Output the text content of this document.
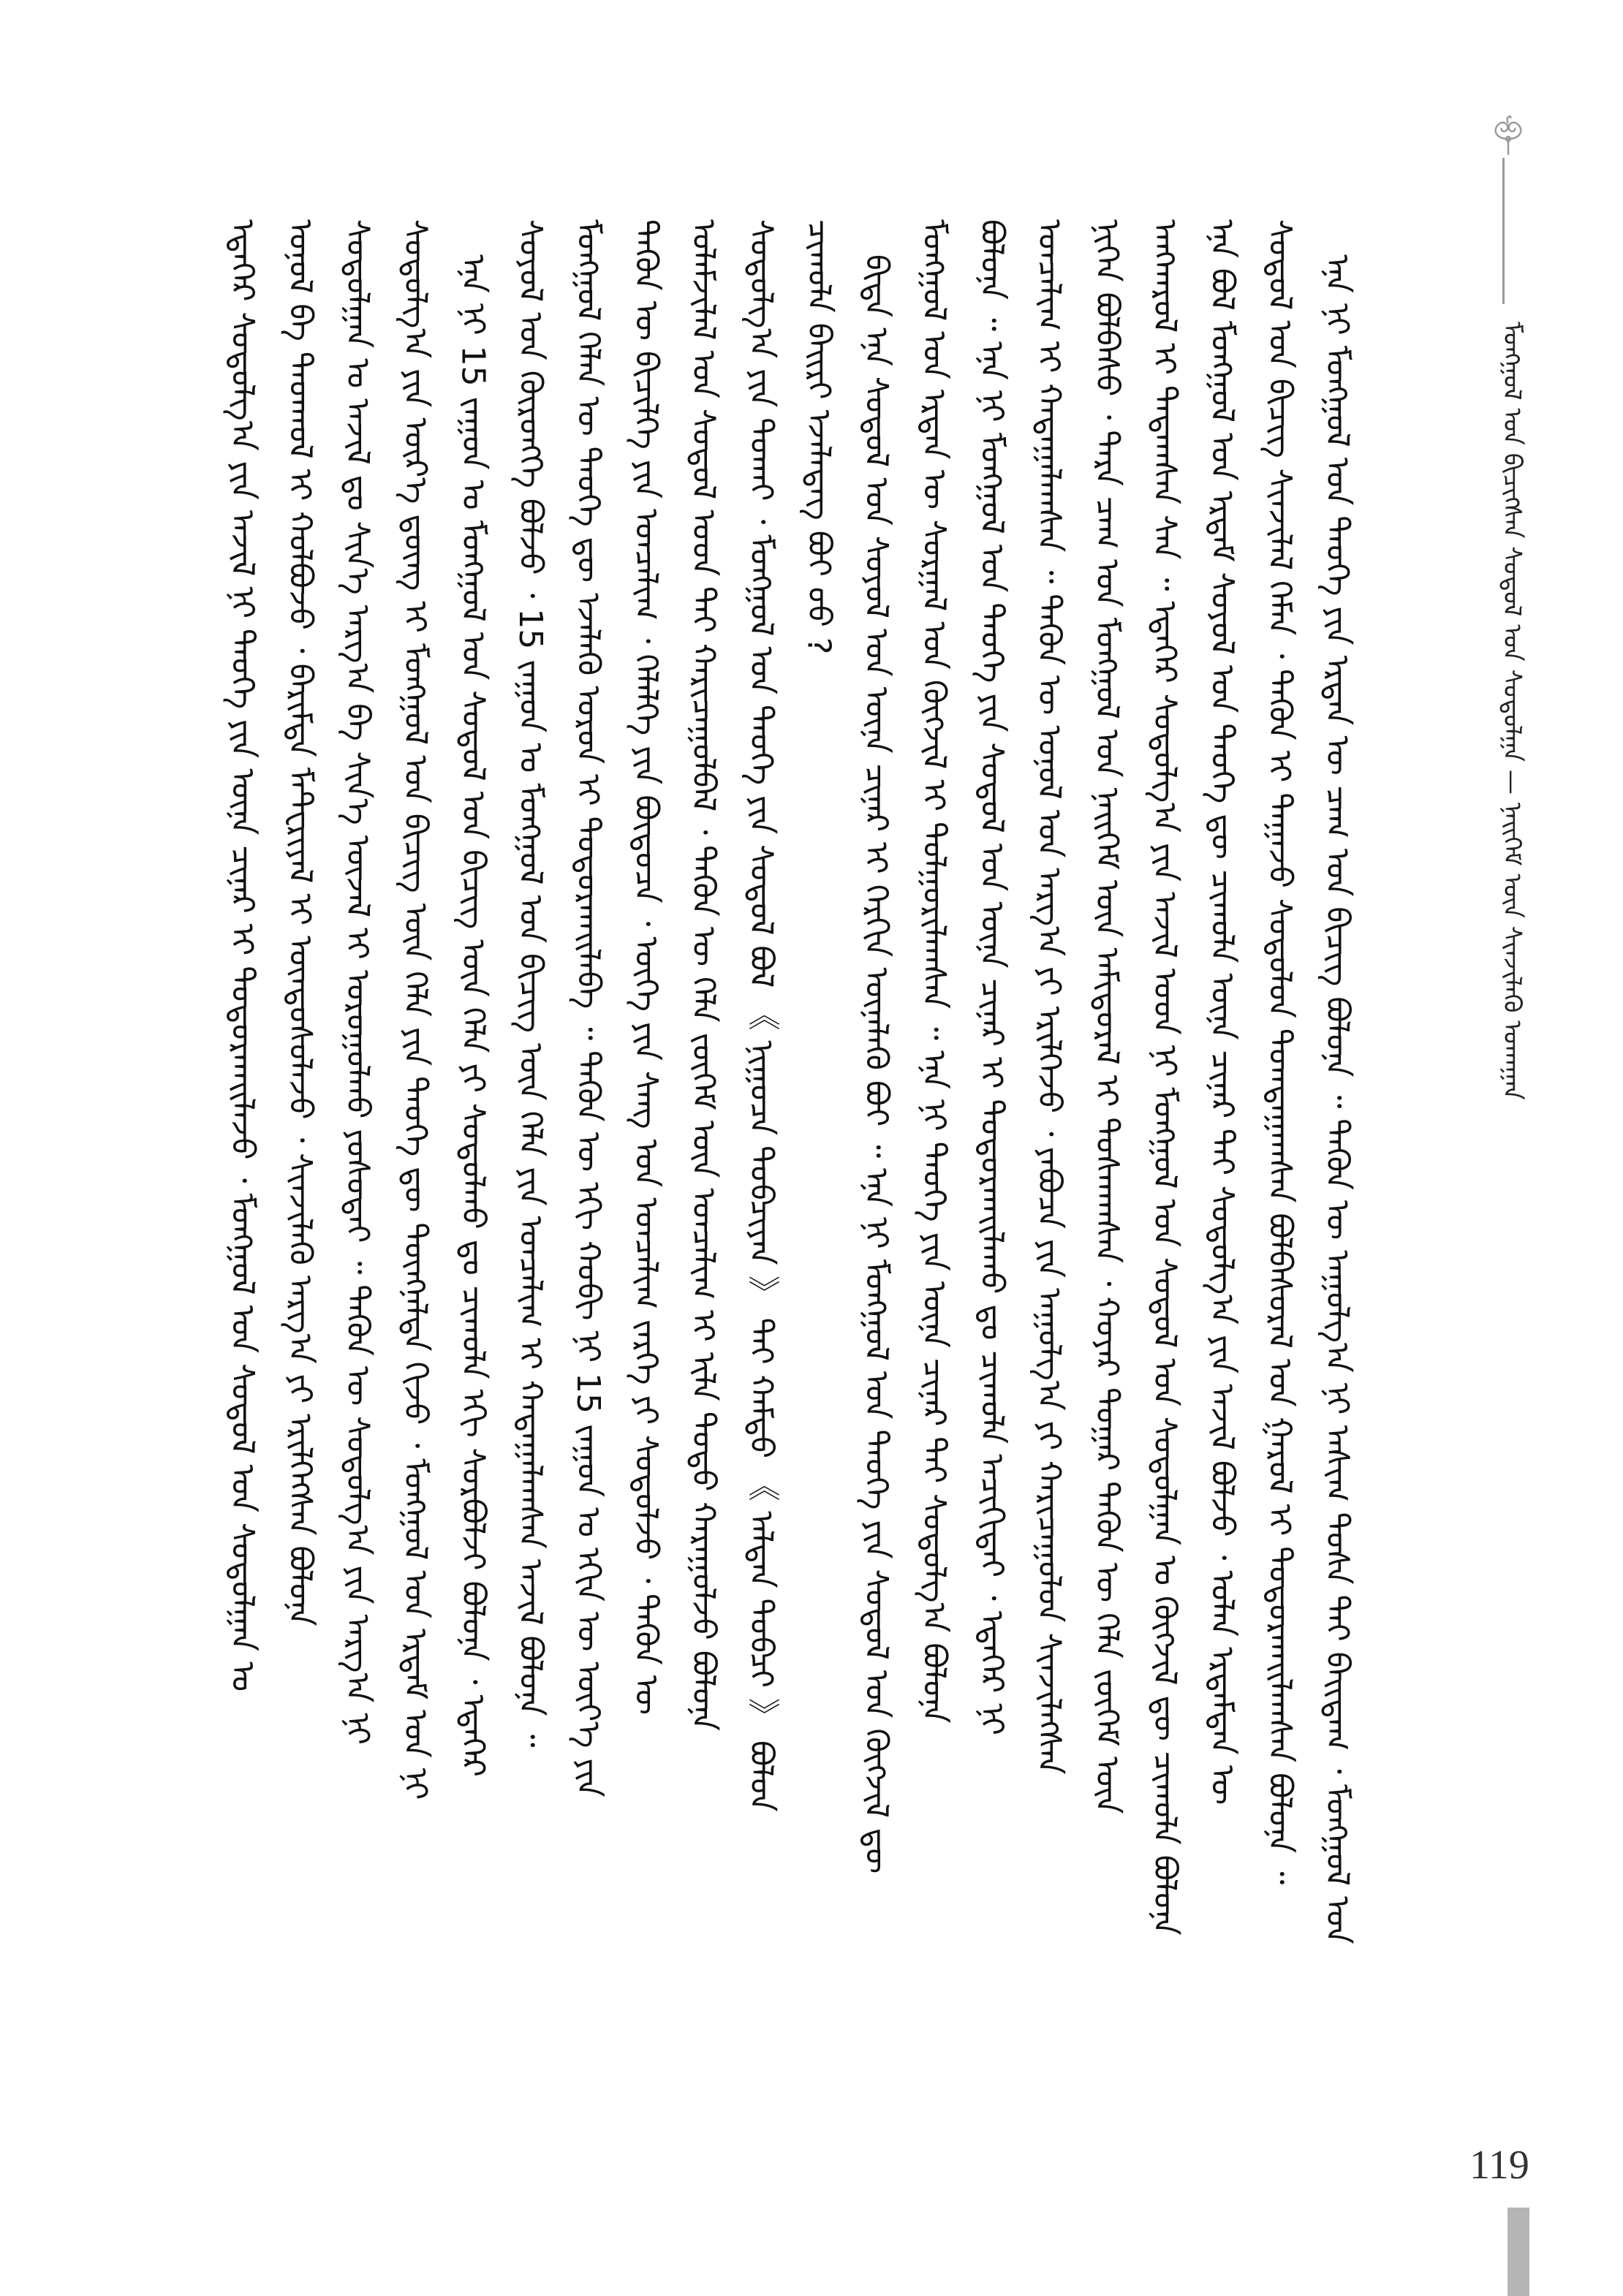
ᠮᠣᠩᠭᠣᠯ ᠤᠨ ᠪᠢᠴᠢᠭᠰᠡᠨ ᠰᠤᠳᠤᠯ ᠤᠨ ᠰᠤᠳᠤᠯᠭᠠ — ᠨᠡᠢᠭᠡᠮ ᠦᠨ ᠰᠢᠨᠵᠢᠯᠡᠬᠦ ᠤᠬᠠᠭᠠᠨ
ᠡᠨᠡ ᠨᠢ ᠮᠣᠩᠭᠣᠯ ᠤᠨ ᠲᠡᠦᠬᠡ ᠶᠢᠨ ᠡᠷᠲᠡᠨ ᠦ ᠴᠠᠭ ᠤᠨ ᠪᠢᠴᠢᠭ᠌ ᠪᠣᠯᠤᠨᠠ ᠃ ᠲᠡᠭᠦᠨ ᠦ ᠠᠭᠤᠯᠭ᠎ᠠ ᠨᠢ ᠠᠰᠢᠭ ᠲᠤᠰᠠ ᠲᠠᠢ ᠪᠠᠢᠳᠠᠭ ᠂ ᠮᠣᠩᠭᠣᠯ ᠤᠨ
ᠰᠤᠳᠤᠯ ᠤᠨ ᠪᠢᠴᠢᠭ ᠰᠢᠨᠵᠢᠯᠡᠯ ᠬᠡᠮᠡᠨ ᠂ ᠲᠡᠭᠦᠨ ᠢ ᠳᠠᠭᠠᠵᠤ ᠰᠤᠳᠤᠯᠤᠨ ᠲᠣᠭᠲᠠᠭᠠᠭᠰᠠᠨ ᠪᠣᠯᠪᠠᠰᠤᠷᠠᠯ ᠤᠨ ᠭᠠᠷᠤᠯ ᠢ ᠲᠣᠳᠣᠷᠬᠠᠢᠯᠠᠭᠰᠠᠨ ᠪᠣᠯᠤᠨᠠ ᠃
ᠡᠨᠡ ᠪᠣᠯ ᠮᠣᠩᠭᠣᠯ ᠤᠨ ᠡᠷᠳᠡᠮ ᠰᠣᠶᠣᠯ ᠤᠨ ᠲᠡᠦᠬᠡ ᠳᠦ ᠴᠢᠬᠤᠯᠠ ᠦᠨᠡ ᠴᠢᠨᠠᠷ ᠲᠠᠢ ᠰᠤᠳᠤᠯᠭ᠎ᠠ ᠶᠢᠨ ᠠᠵᠢᠯ ᠪᠣᠯᠵᠤ ᠂ ᠣᠯᠠᠨ ᠡᠷᠳᠡᠮᠲᠡᠨ ᠦ
ᠠᠩᠬᠠᠷᠤᠯ ᠢ ᠲᠠᠲᠠᠭᠰᠠᠨ ᠰᠠᠨ ᠃ ᠡᠳᠡᠭᠡᠷ ᠰᠤᠳᠤᠯᠭ᠎ᠠ ᠶᠢᠨ ᠠᠵᠢᠯ ᠤᠳ ᠨᠢ ᠮᠣᠩᠭᠣᠯ ᠤᠨ ᠰᠤᠳᠤᠯ ᠤᠨ ᠰᠤᠳᠤᠯᠭᠠᠨ ᠤ ᠬᠥᠭᠵᠢᠯ ᠳᠦ ᠴᠢᠬᠤᠯᠠ ᠪᠣᠯᠤᠨᠠ
ᠨᠢᠭᠡᠨ ᠪᠣᠯᠪᠠᠰᠤ ᠂ ᠲᠡᠷᠡ ᠴᠠᠭ ᠤᠨ ᠮᠣᠩᠭᠣᠯ ᠤᠨ ᠨᠡᠢᠭᠡᠮ ᠦᠨ ᠠᠮᠢᠳᠤᠷᠠᠯ ᠢ ᠲᠤᠰᠬᠠᠭᠰᠠᠨ ᠂ ᠬᠣᠶᠠᠷ ᠲᠤᠭᠠᠷ ᠲᠡᠭᠦᠨ ᠦ ᠬᠡᠯᠡ ᠵᠥᠭᠡᠮ ᠦᠨ
ᠣᠨᠴᠠᠯᠢᠭ ᠢ ᠬᠠᠳᠠᠭᠠᠯᠠᠭᠰᠠᠨ ᠃ ᠲᠡᠭᠦᠨ ᠦ ᠣᠨᠣᠯ ᠤᠨ ᠠᠷᠭ᠎ᠠ ᠶᠢ ᠡᠷᠢᠯᠬᠡᠵᠦ ᠂ ᠶᠠᠪᠤᠴᠠ ᠶᠢᠨ ᠠᠭᠤᠯᠭ᠎ᠠ ᠶᠢ ᠬᠠᠷᠢᠴᠠᠭᠤᠯᠤᠨ ᠰᠢᠨᠵᠢᠯᠡᠭᠰᠡᠨ
ᠪᠣᠯᠤᠨᠠ ᠃ ᠡᠨᠡ ᠨᠢ ᠮᠣᠩᠭᠣᠯ ᠤᠨ ᠲᠡᠦᠬᠡ ᠶᠢᠨ ᠰᠤᠳᠤᠯ ᠤᠨ ᠦᠨᠡ ᠴᠢᠨᠠᠷ ᠢ ᠲᠣᠳᠣᠷᠬᠠᠢᠯᠠᠬᠤ ᠳᠤ ᠴᠢᠬᠤᠯᠠ ᠠᠴᠢᠬᠢᠳᠠᠢ ᠂ ᠡᠳᠡᠭᠡᠷ ᠨᠢ
ᠮᠣᠩᠭᠣᠯ ᠤᠨ ᠡᠷᠲᠡᠨ ᠦ ᠰᠤᠷᠭᠠᠯ ᠤᠨ ᠬᠥᠭᠵᠢᠯ ᠢ ᠲᠤᠯᠭᠤᠷᠢᠯᠠᠭᠰᠠᠨ ᠃ ᠡᠨᠡ ᠨᠢ ᠲᠡᠦᠬᠡ ᠶᠢᠨ ᠦᠨᠡ ᠴᠢᠨᠠᠷ ᠲᠠᠢ ᠰᠤᠳᠤᠯᠭ᠎ᠠ ᠪᠣᠯᠤᠨᠠ
ᠪᠢᠳᠡ ᠡᠨᠡ ᠰᠤᠳᠤᠯ ᠤᠨ ᠰᠣᠶᠣᠯ ᠤᠨ ᠦᠨᠡ ᠴᠢᠨᠠᠷ ᠢ ᠬᠡᠷᠬᠢᠨ ᠦᠨᠡᠯᠡᠬᠦ ᠪᠤᠢ ᠃ ᠡᠨᠡ ᠨᠢ ᠮᠣᠩᠭᠣᠯ ᠤᠨ ᠲᠡᠦᠬᠡ ᠶᠢᠨ ᠰᠤᠳᠤᠯ ᠤᠨ ᠬᠥᠭᠵᠢᠯ ᠳᠦ
ᠴᠢᠬᠤᠯᠠ ᠪᠠᠢᠷᠢ ᠡᠵᠡᠯᠡᠳᠡᠭ ᠪᠤᠢ ᠤᠤ ?
ᠰᠤᠳᠤᠯᠭ᠎ᠠ ᠶᠢᠨ ᠲᠤᠬᠠᠢ ᠂ ᠮᠣᠩᠭᠣᠯ ᠤᠨ ᠲᠡᠦᠬᠡ ᠶᠢᠨ ᠰᠤᠳᠤᠯ ᠪᠣᠯ 《 ᠨᠢᠭᠤᠴᠠ ᠲᠣᠪᠴᠢᠶᠠᠨ 》 ᠲᠠᠢ ᠬᠠᠮᠲᠤ 《 ᠠᠯᠲᠠᠨ ᠲᠣᠪᠴᠢ 》 ᠪᠣᠯᠤᠨ
ᠤᠯᠠᠮᠵᠢᠯᠠᠯ ᠤᠨ ᠰᠤᠳᠤᠯ ᠤᠳ ᠲᠠᠢ ᠬᠠᠷᠢᠴᠠᠭᠤᠯᠪᠠᠯ ᠂ ᠲᠡᠭᠦᠨ ᠦ ᠬᠡᠯᠡ ᠵᠥᠭᠡᠮ ᠦᠨ ᠣᠨᠴᠠᠯᠢᠭ ᠢ ᠢᠯᠡ ᠲᠣᠳᠣ ᠬᠠᠷᠠᠭᠤᠯᠵᠤ ᠪᠣᠯᠤᠨᠠ
ᠲᠡᠭᠦᠨ ᠦ ᠪᠢᠴᠢᠯᠭᠡ ᠶᠢᠨ ᠣᠨᠴᠠᠯᠢᠭ ᠂ ᠬᠡᠯᠡᠯᠭᠡ ᠶᠢᠨ ᠪᠦᠲᠦᠴᠡ ᠂ ᠦᠭᠡ ᠶᠢᠨ ᠰᠠᠩ ᠤᠨ ᠣᠨᠴᠠᠯᠢᠭ ᠵᠡᠷᠭᠡ ᠶᠢ ᠰᠤᠳᠤᠯᠵᠤ ᠂ ᠲᠡᠭᠦᠨ ᠦ
ᠮᠣᠩᠭᠣᠯ ᠬᠡᠯᠡᠨ ᠦ ᠲᠡᠦᠬᠡ ᠳᠦ ᠡᠵᠡᠯᠡᠬᠦ ᠣᠷᠤᠨ ᠢ ᠲᠣᠳᠣᠷᠬᠠᠢᠯᠠᠪᠠ ᠃ ᠲᠡᠭᠦᠨ ᠦ ᠡᠬᠢ ᠬᠤᠪᠢ ᠨᠢ 15 ᠵᠠᠭᠤᠨ ᠤ ᠡᠬᠢᠨ ᠦ ᠦᠶ᠎ᠡ ᠶᠢᠨ
ᠰᠣᠶᠣᠯ ᠤᠨ ᠬᠥᠷᠥᠩᠭᠡ ᠪᠣᠯᠵᠤ ᠂ 15 ᠵᠠᠭᠤᠨ ᠤ ᠮᠣᠩᠭᠣᠯ ᠤᠨ ᠪᠢᠴᠢᠭ ᠦᠨ ᠬᠡᠯᠡ ᠶᠢᠨ ᠣᠨᠴᠠᠯᠢᠭ ᠢ ᠬᠠᠳᠠᠭᠠᠯᠠᠭᠰᠠᠨ ᠠᠵᠢᠯ ᠪᠣᠯᠤᠨᠠ ᠃
ᠡᠨᠡ ᠨᠢ 15 ᠵᠠᠭᠤᠨ ᠤ ᠮᠣᠩᠭᠣᠯ ᠤᠨ ᠰᠤᠳᠤᠯ ᠤᠨ ᠪᠢᠴᠢᠭ ᠦᠨ ᠬᠡᠯᠡ ᠶᠢ ᠰᠤᠳᠤᠯᠬᠤ ᠳᠤ ᠴᠢᠬᠤᠯᠠ ᠡᠬᠢ ᠰᠤᠷᠪᠤᠯᠵᠢ ᠪᠣᠯᠤᠨᠠ ᠂ ᠡᠳᠡᠭᠡᠷ
ᠰᠤᠳᠤᠯᠭ᠎ᠠ ᠶᠢᠨ ᠦᠷ᠎ᠡ ᠳ᠋ᠦᠩ ᠢ ᠮᠣᠩᠭᠣᠯ ᠤᠨ ᠪᠢᠴᠢᠭ ᠦᠨ ᠬᠡᠯᠡ ᠶᠢᠨ ᠲᠡᠦᠬᠡ ᠳᠦ ᠳᠦᠩᠨᠡᠯᠳᠡ ᠬᠢᠵᠦ ᠂ ᠮᠣᠩᠭᠣᠯ ᠤᠨ ᠡᠷᠳᠡᠮ ᠤᠨ ᠨᠢ
ᠰᠤᠳᠤᠯᠭᠠᠨ ᠤ ᠠᠵᠢᠯ ᠳᠤ ᠰᠢᠨ᠎ᠡ ᠠᠷᠭ᠎ᠠ ᠪᠠ ᠰᠢᠨ᠎ᠡ ᠦᠵᠡᠯ ᠢ ᠣᠷᠣᠭᠤᠯᠬᠤ ᠶᠣᠰᠣᠲᠠᠢ ᠃ ᠲᠡᠭᠦᠨ ᠦ ᠰᠤᠳᠤᠯᠭ᠎ᠠ ᠶᠢᠨ ᠠᠷᠭ᠎ᠠ ᠨᠢ
ᠣᠨᠣᠯ ᠪᠠ ᠳᠠᠳᠬᠤᠯ ᠢ ᠬᠣᠯᠪᠣᠵᠤ ᠂ ᠪᠠᠷᠢᠮᠲᠠ ᠮᠠᠲ᠋ᠧᠷᠢᠶᠠᠯ ᠢ ᠦᠨᠳᠦᠰᠦᠯᠡᠵᠦ ᠂ ᠰᠢᠨᠵᠢᠯᠡᠬᠦ ᠠᠷᠭ᠎ᠠ ᠶᠢ ᠡᠷᠢᠯᠬᠡᠭᠰᠡᠨ ᠪᠣᠯᠤᠨᠠ
ᠡᠳᠡᠭᠡᠷ ᠰᠤᠳᠤᠯᠭ᠎ᠠ ᠶᠢᠨ ᠠᠵᠢᠯ ᠨᠢ ᠲᠡᠦᠬᠡ ᠶᠢᠨ ᠦᠨᠡ ᠴᠢᠨᠠᠷ ᠢ ᠲᠣᠳᠣᠷᠬᠠᠢᠯᠠᠵᠤ ᠂ ᠮᠣᠩᠭᠣᠯ ᠤᠨ ᠰᠤᠳᠤᠯ ᠤᠨ ᠰᠤᠳᠤᠯᠭᠠᠨ ᠤ
119
